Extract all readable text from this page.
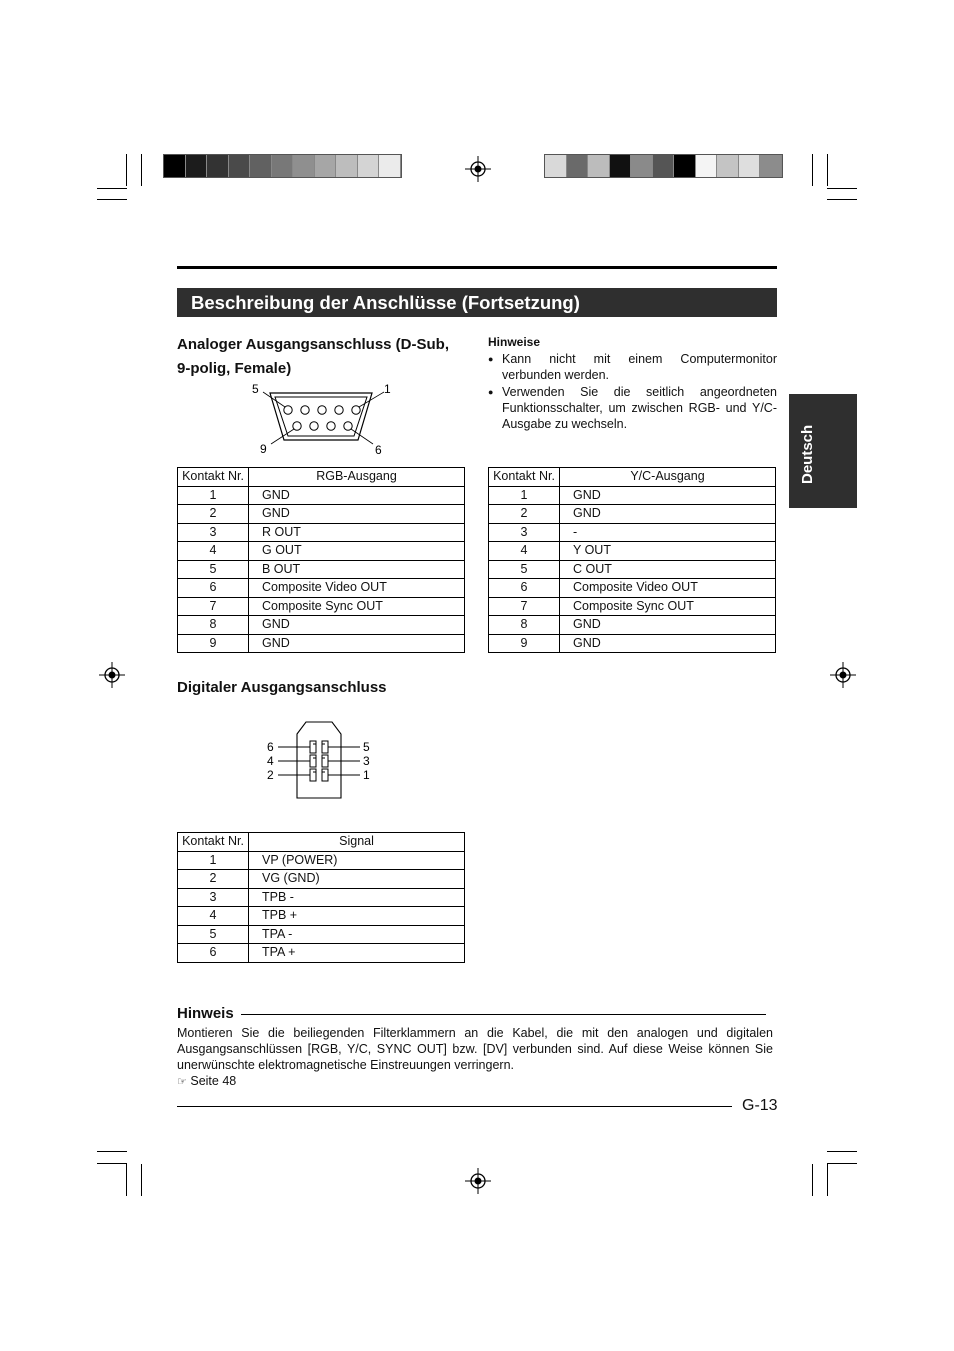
Beschreibung der Anschlüsse (Fortsetzung)
Deutsch
Analoger Ausgangsanschluss (D-Sub,
9-polig, Female)
5	1
9	6
Hinweise
● Kann nicht mit einem Computermonitor verbunden werden.
● Verwenden Sie die seitlich angeordneten Funktionsschalter, um zwischen RGB- und Y/C-Ausgabe zu wechseln.
Kontakt Nr.	RGB-Ausgang
1	GND
2	GND
3	R OUT
4	G OUT
5	B OUT
6	Composite Video OUT
7	Composite Sync OUT
8	GND
9	GND
Kontakt Nr.	Y/C-Ausgang
1	GND
2	GND
3	-
4	Y OUT
5	C OUT
6	Composite Video OUT
7	Composite Sync OUT
8	GND
9	GND
Digitaler Ausgangsanschluss
6
4
2
5
3
1
Kontakt Nr.	Signal
1	VP (POWER)
2	VG (GND)
3	TPB -
4	TPB +
5	TPA -
6	TPA +
Hinweis
Montieren Sie die beiliegenden Filterklammern an die Kabel, die mit den analogen und digitalen Ausgangsanschlüssen [RGB, Y/C, SYNC OUT] bzw. [DV] verbunden sind. Auf diese Weise können Sie unerwünschte elektromagnetische Einstreuungen verringern.
☞ Seite 48
G-13
